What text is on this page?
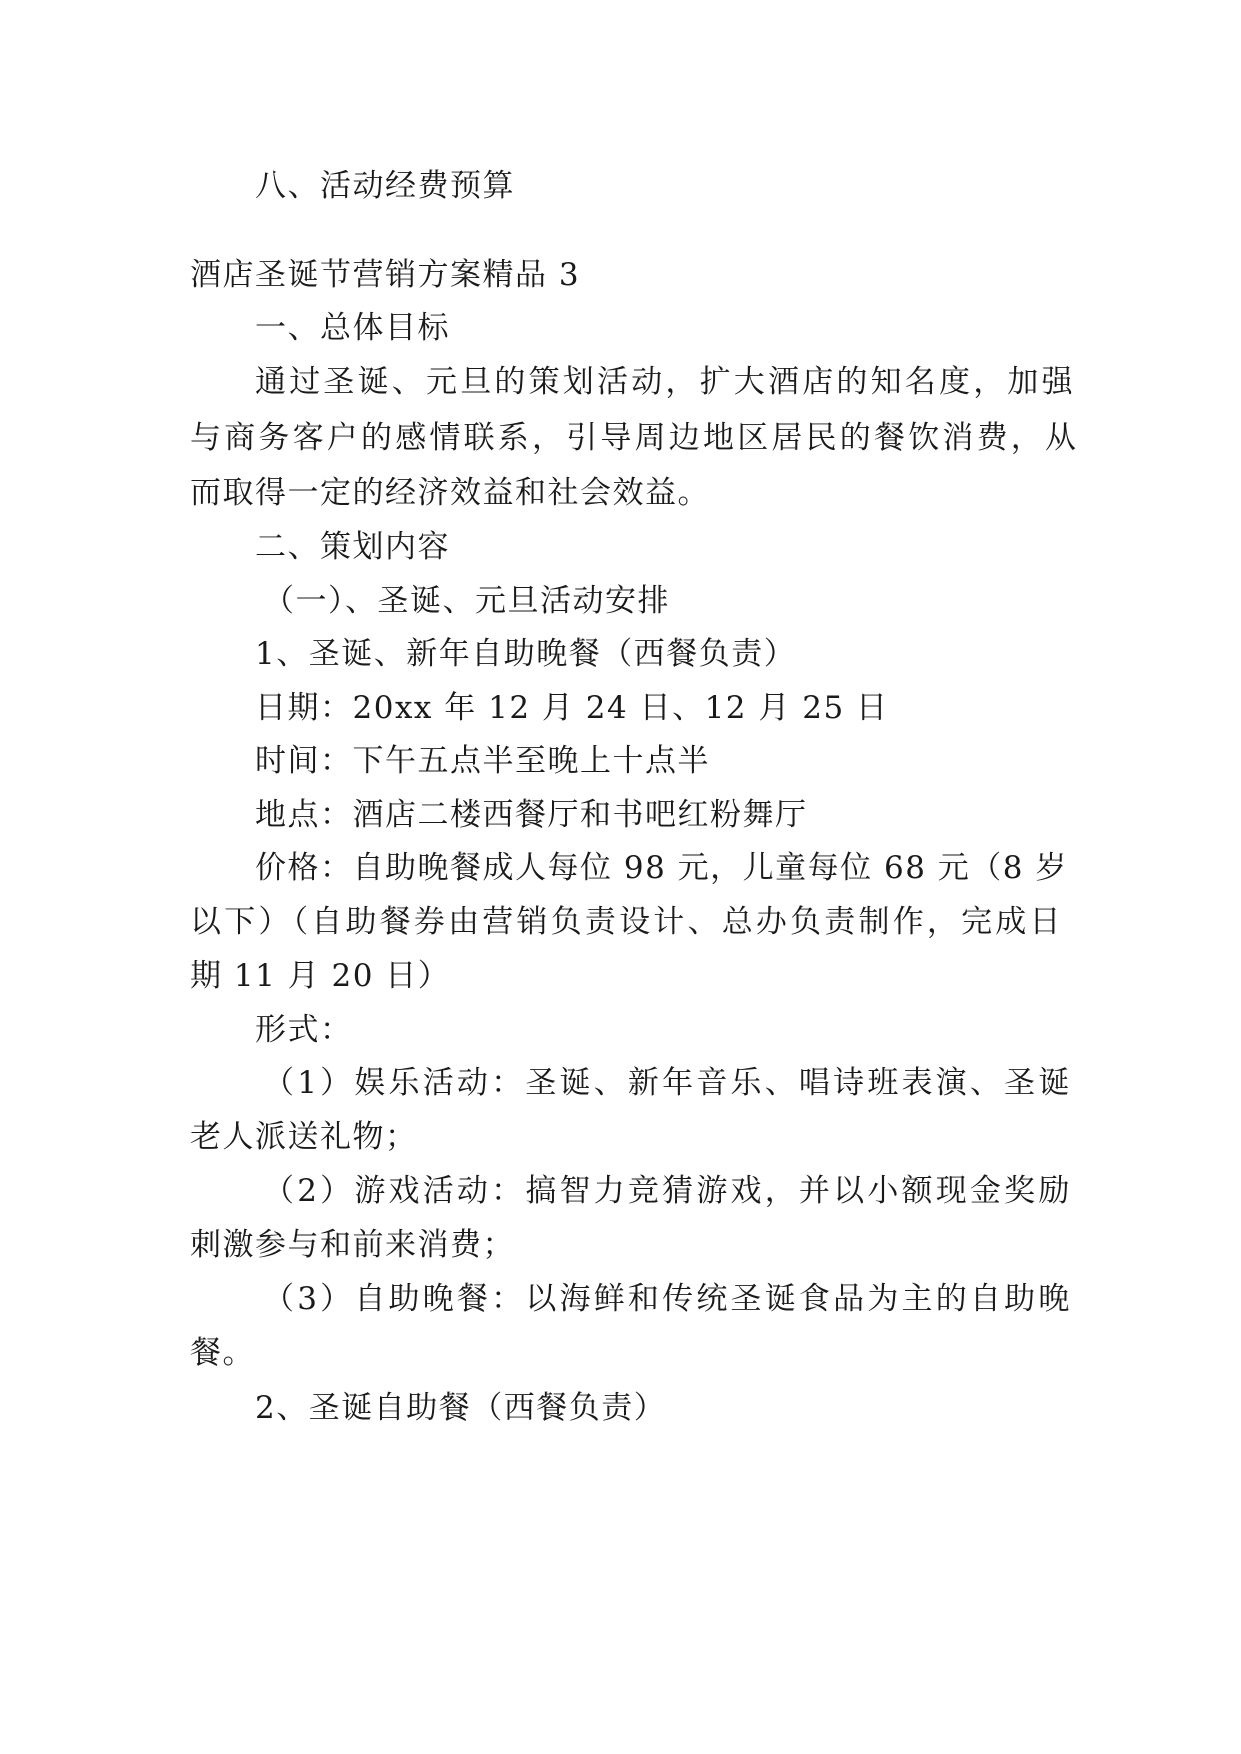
八、活动经费预算
酒店圣诞节营销方案精品 3
一、总体目标
通过圣诞、元旦的策划活动，扩大酒店的知名度，加强
与商务客户的感情联系，引导周边地区居民的餐饮消费，从
而取得一定的经济效益和社会效益。
二、策划内容
（一）、圣诞、元旦活动安排
1、圣诞、新年自助晚餐（西餐负责）
日期：20xx 年 12 月 24 日、12 月 25 日
时间：下午五点半至晚上十点半
地点：酒店二楼西餐厅和书吧红粉舞厅
价格：自助晚餐成人每位 98 元，儿童每位 68 元（8 岁
以下）（自助餐券由营销负责设计、总办负责制作，完成日
期 11 月 20 日）
形式：
（1）娱乐活动：圣诞、新年音乐、唱诗班表演、圣诞
老人派送礼物；
（2）游戏活动：搞智力竞猜游戏，并以小额现金奖励
刺激参与和前来消费；
（3）自助晚餐：以海鲜和传统圣诞食品为主的自助晚
餐。
2、圣诞自助餐（西餐负责）
